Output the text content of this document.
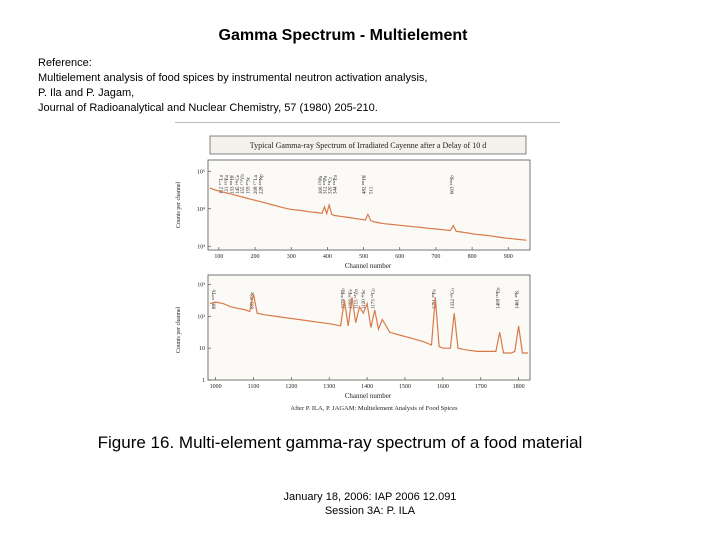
Gamma Spectrum - Multielement
Reference:
Multielement analysis of food spices by instrumental neutron activation analysis,
P. Ila and P. Jagam,
Journal of Radioanalytical and Nuclear Chemistry, 57 (1980) 205-210.
Typical Gamma-ray Spectrum of Irradiated Cayenne after a Delay of 10 d
100	200	300	400	500	600	700	800	900
10³
10⁴
10⁵
112 ¹⁷⁷Lu 121 ¹⁵²Eu 133 ¹⁸¹Hf 145 ¹⁴¹Ce 155 ¹⁷⁵Yb 159 ⁴⁷Sc 208 ¹⁷⁷Lu 228 ²³⁹Np	300 ²³³Pa 312 ²³³Pa 320 ⁵¹Cr 344 ¹⁵²Eu	482 ¹⁸¹Hf 511	603 ¹²⁴Sb
Counts per channel
Channel number
1000	1100	1200	1300	1400	1500	1600	1700	1800
1
10
10²
10³
885 ¹⁶⁰Tb	889 ⁴⁶Sc	1076 ⁸⁶Rb 1099 ⁵⁹Fe 1115 ⁶⁵Zn 1120 ⁴⁶Sc 1173 ⁶⁰Co	1291 ⁵⁹Fe	1332 ⁶⁰Co	1408 ¹⁵²Eu	1461 ⁴⁰K
Counts per channel
Channel number
After P. ILA, P. JAGAM: Multielement Analysis of Food Spices
Figure 16. Multi-element gamma-ray spectrum of a food material
January 18, 2006: IAP 2006 12.091
Session 3A: P. ILA
